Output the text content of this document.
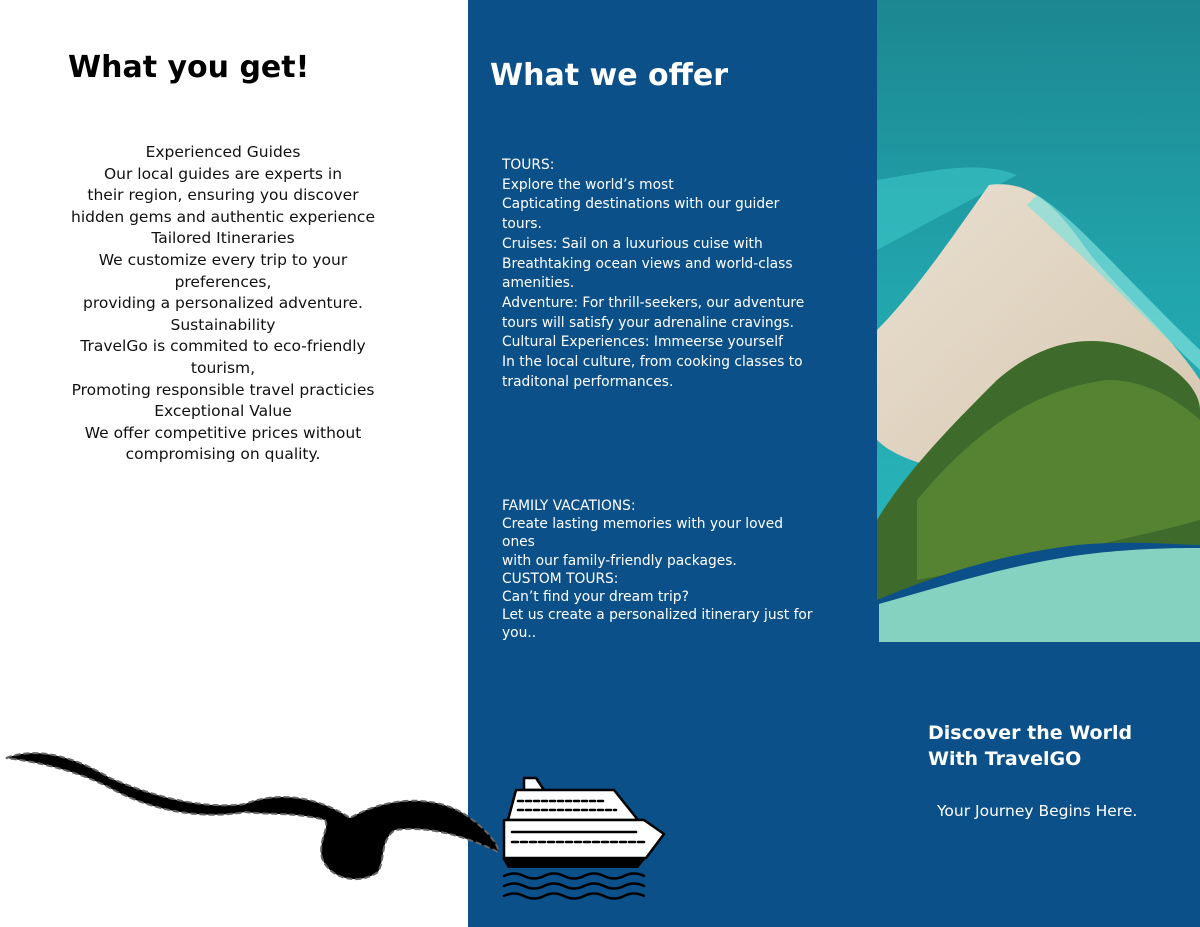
What you get!
Experienced Guides
Our local guides are experts in
their region, ensuring you discover
hidden gems and authentic experience
Tailored Itineraries
We customize every trip to your
preferences,
providing a personalized adventure.
Sustainability
TravelGo is commited to eco-friendly
tourism,
Promoting responsible travel practicies
Exceptional Value
We offer competitive prices without
compromising on quality.
What we offer
TOURS:
Explore the world’s most
Capticating destinations with our guider
tours.
Cruises: Sail on a luxurious cuise with
Breathtaking ocean views and world-class
amenities.
Adventure: For thrill-seekers, our adventure
tours will satisfy your adrenaline cravings.
Cultural Experiences: Immeerse yourself
In the local culture, from cooking classes to
traditonal performances.
FAMILY VACATIONS:
Create lasting memories with your loved
ones
with our family-friendly packages.
CUSTOM TOURS:
Can’t find your dream trip?
Let us create a personalized itinerary just for
you..
Discover the World
With TravelGO
Your Journey Begins Here.
